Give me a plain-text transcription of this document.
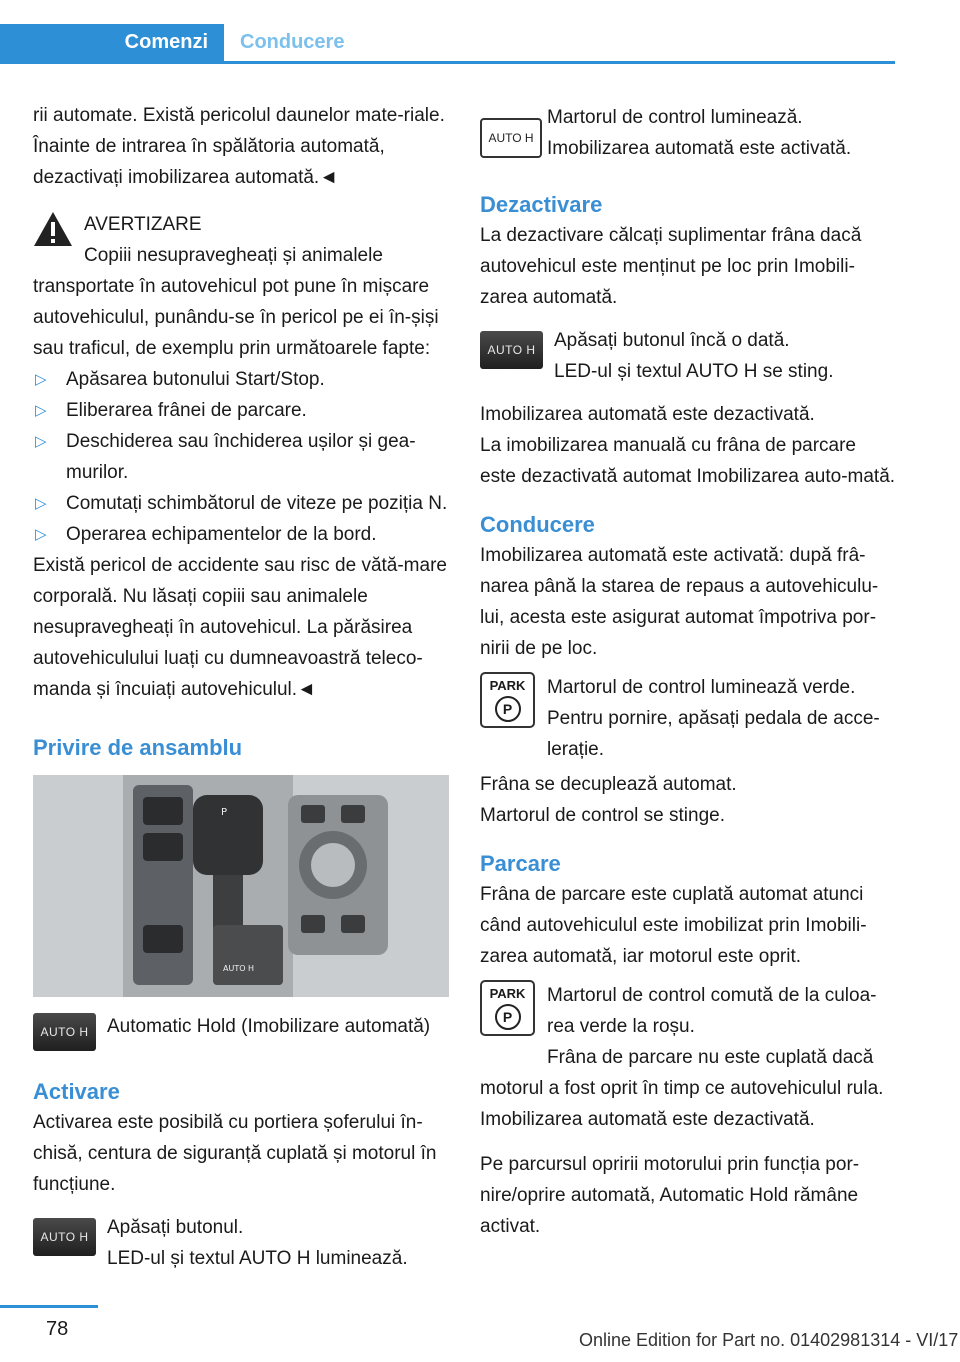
Comenzi	Conducere

rii automate. Există pericolul daunelor mate-riale. Înainte de intrarea în spălătoria automată, dezactivați imobilizarea automată.◄

AVERTIZARE

Copiii nesupravegheați și animalele transportate în autovehicul pot pune în mișcare autovehiculul, punându-se în pericol pe ei în-șiși sau traficul, de exemplu prin următoarele fapte:

▷ Apăsarea butonului Start/Stop.
▷ Eliberarea frânei de parcare.
▷ Deschiderea sau închiderea ușilor și gea-murilor.
▷ Comutați schimbătorul de viteze pe poziția N.
▷ Operarea echipamentelor de la bord.

Există pericol de accidente sau risc de vătă-mare corporală. Nu lăsați copiii sau animalele nesupravegheați în autovehicul. La părăsirea autovehiculului luați cu dumneavoastră teleco-manda și încuiați autovehiculul.◄

Privire de ansamblu

P
AUTO H
AUTO H Automatic Hold (Imobilizare automată)

Activare

Activarea este posibilă cu portiera șoferului în-chisă, centura de siguranță cuplată și motorul în funcțiune.

AUTO H Apăsați butonul.

LED-ul și textul AUTO H luminează.

AUTO H

Martorul de control luminează.

Imobilizarea automată este activată.

Dezactivare

La dezactivare călcați suplimentar frâna dacă autovehicul este menținut pe loc prin Imobili-zarea automată.

AUTO H Apăsați butonul încă o dată.

LED-ul și textul AUTO H se sting.

Imobilizarea automată este dezactivată.

La imobilizarea manuală cu frâna de parcare este dezactivată automat Imobilizarea auto-mată.

Conducere

Imobilizarea automată este activată: după frâ-narea până la starea de repaus a autovehiculu-lui, acesta este asigurat automat împotriva por-nirii de pe loc.

PARK
P

Martorul de control luminează verde.

Pentru pornire, apăsați pedala de acce-lerație.

Frâna se decuplează automat.

Martorul de control se stinge.

Parcare

Frâna de parcare este cuplată automat atunci când autovehiculul este imobilizat prin Imobili-zarea automată, iar motorul este oprit.

PARK
P

Martorul de control comută de la culoa-rea verde la roșu.

Frâna de parcare nu este cuplată dacă motorul a fost oprit în timp ce autovehiculul rula. Imobilizarea automată este dezactivată.

Pe parcursul opririi motorului prin funcția por-nire/oprire automată, Automatic Hold rămâne activat.

78	Online Edition for Part no. 01402981314 - VI/17
